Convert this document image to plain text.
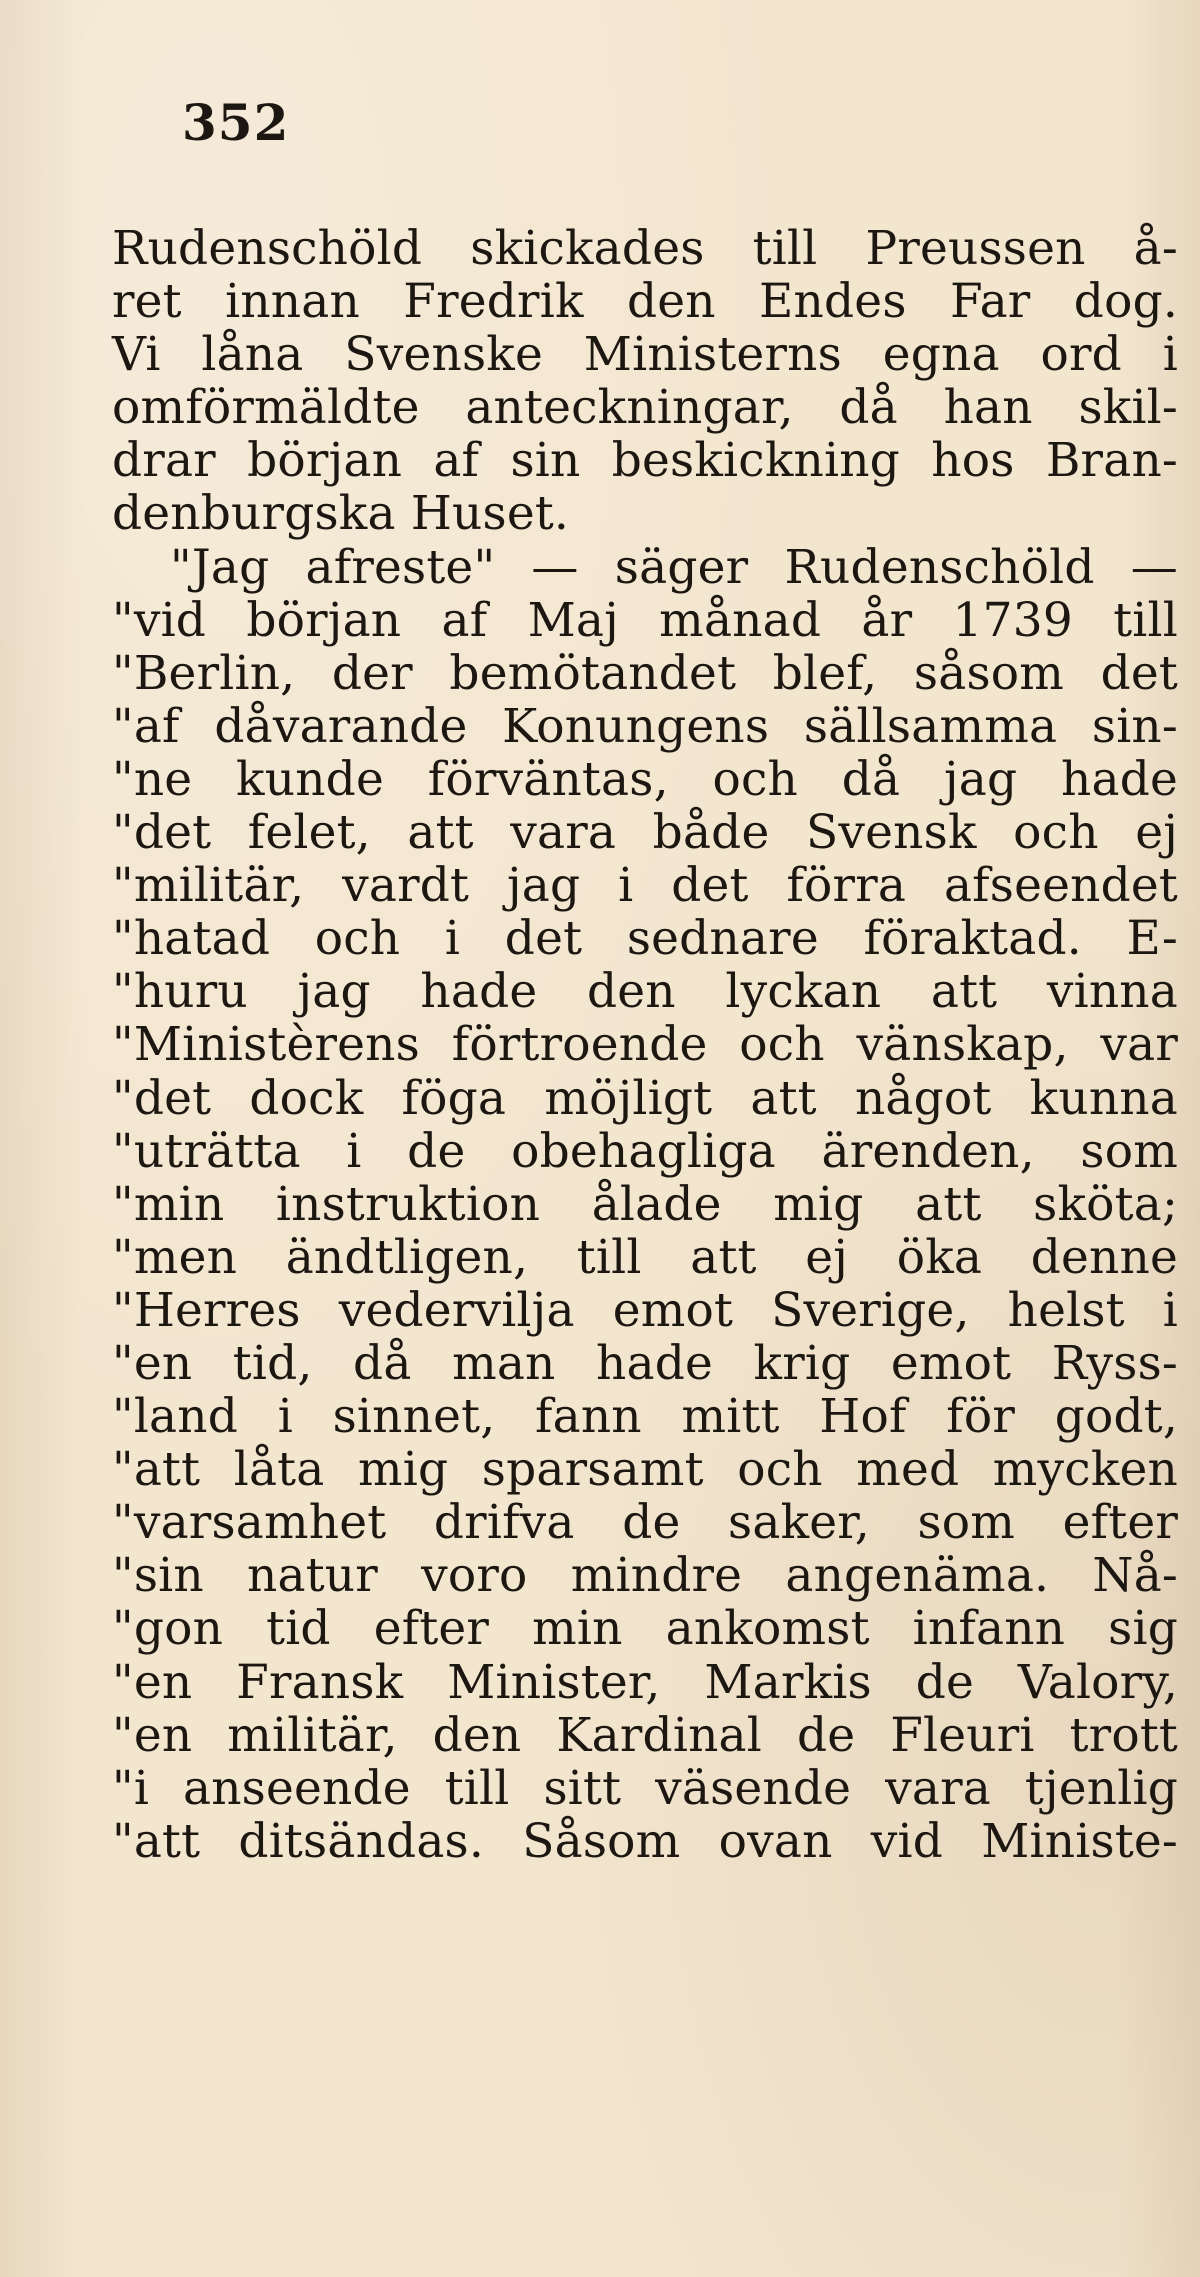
352
Rudenschöld skickades till Preussen å-
ret innan Fredrik den Endes Far dog.
Vi låna Svenske Ministerns egna ord i
omförmäldte anteckningar, då han skil-
drar början af sin beskickning hos Bran-
denburgska Huset.
"Jag afreste" — säger Rudenschöld —
"vid början af Maj månad år 1739 till
"Berlin, der bemötandet blef, såsom det
"af dåvarande Konungens sällsamma sin-
"ne kunde förväntas, och då jag hade
"det felet, att vara både Svensk och ej
"militär, vardt jag i det förra afseendet
"hatad och i det sednare föraktad. E-
"huru jag hade den lyckan att vinna
"Ministèrens förtroende och vänskap, var
"det dock föga möjligt att något kunna
"uträtta i de obehagliga ärenden, som
"min instruktion ålade mig att sköta;
"men ändtligen, till att ej öka denne
"Herres vedervilja emot Sverige, helst i
"en tid, då man hade krig emot Ryss-
"land i sinnet, fann mitt Hof för godt,
"att låta mig sparsamt och med mycken
"varsamhet drifva de saker, som efter
"sin natur voro mindre angenäma. Nå-
"gon tid efter min ankomst infann sig
"en Fransk Minister, Markis de Valory,
"en militär, den Kardinal de Fleuri trott
"i anseende till sitt väsende vara tjenlig
"att ditsändas. Såsom ovan vid Ministe-
